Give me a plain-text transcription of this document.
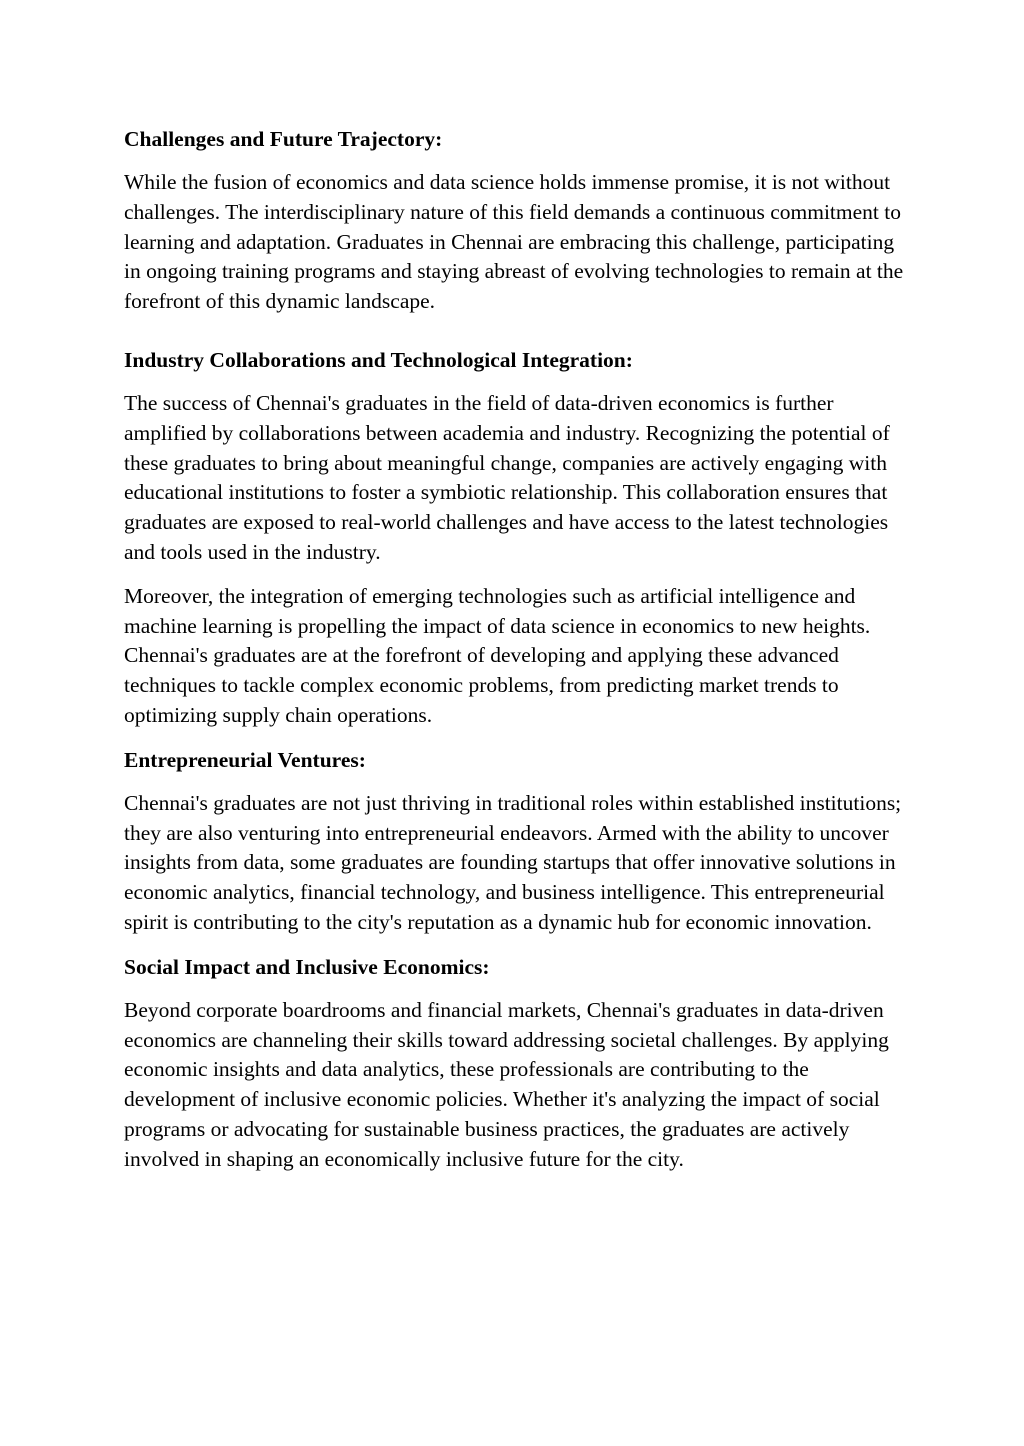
Challenges and Future Trajectory:
While the fusion of economics and data science holds immense promise, it is not without challenges. The interdisciplinary nature of this field demands a continuous commitment to learning and adaptation. Graduates in Chennai are embracing this challenge, participating in ongoing training programs and staying abreast of evolving technologies to remain at the forefront of this dynamic landscape.
Industry Collaborations and Technological Integration:
The success of Chennai's graduates in the field of data-driven economics is further amplified by collaborations between academia and industry. Recognizing the potential of these graduates to bring about meaningful change, companies are actively engaging with educational institutions to foster a symbiotic relationship. This collaboration ensures that graduates are exposed to real-world challenges and have access to the latest technologies and tools used in the industry.
Moreover, the integration of emerging technologies such as artificial intelligence and machine learning is propelling the impact of data science in economics to new heights. Chennai's graduates are at the forefront of developing and applying these advanced techniques to tackle complex economic problems, from predicting market trends to optimizing supply chain operations.
Entrepreneurial Ventures:
Chennai's graduates are not just thriving in traditional roles within established institutions; they are also venturing into entrepreneurial endeavors. Armed with the ability to uncover insights from data, some graduates are founding startups that offer innovative solutions in economic analytics, financial technology, and business intelligence. This entrepreneurial spirit is contributing to the city's reputation as a dynamic hub for economic innovation.
Social Impact and Inclusive Economics:
Beyond corporate boardrooms and financial markets, Chennai's graduates in data-driven economics are channeling their skills toward addressing societal challenges. By applying economic insights and data analytics, these professionals are contributing to the development of inclusive economic policies. Whether it's analyzing the impact of social programs or advocating for sustainable business practices, the graduates are actively involved in shaping an economically inclusive future for the city.
